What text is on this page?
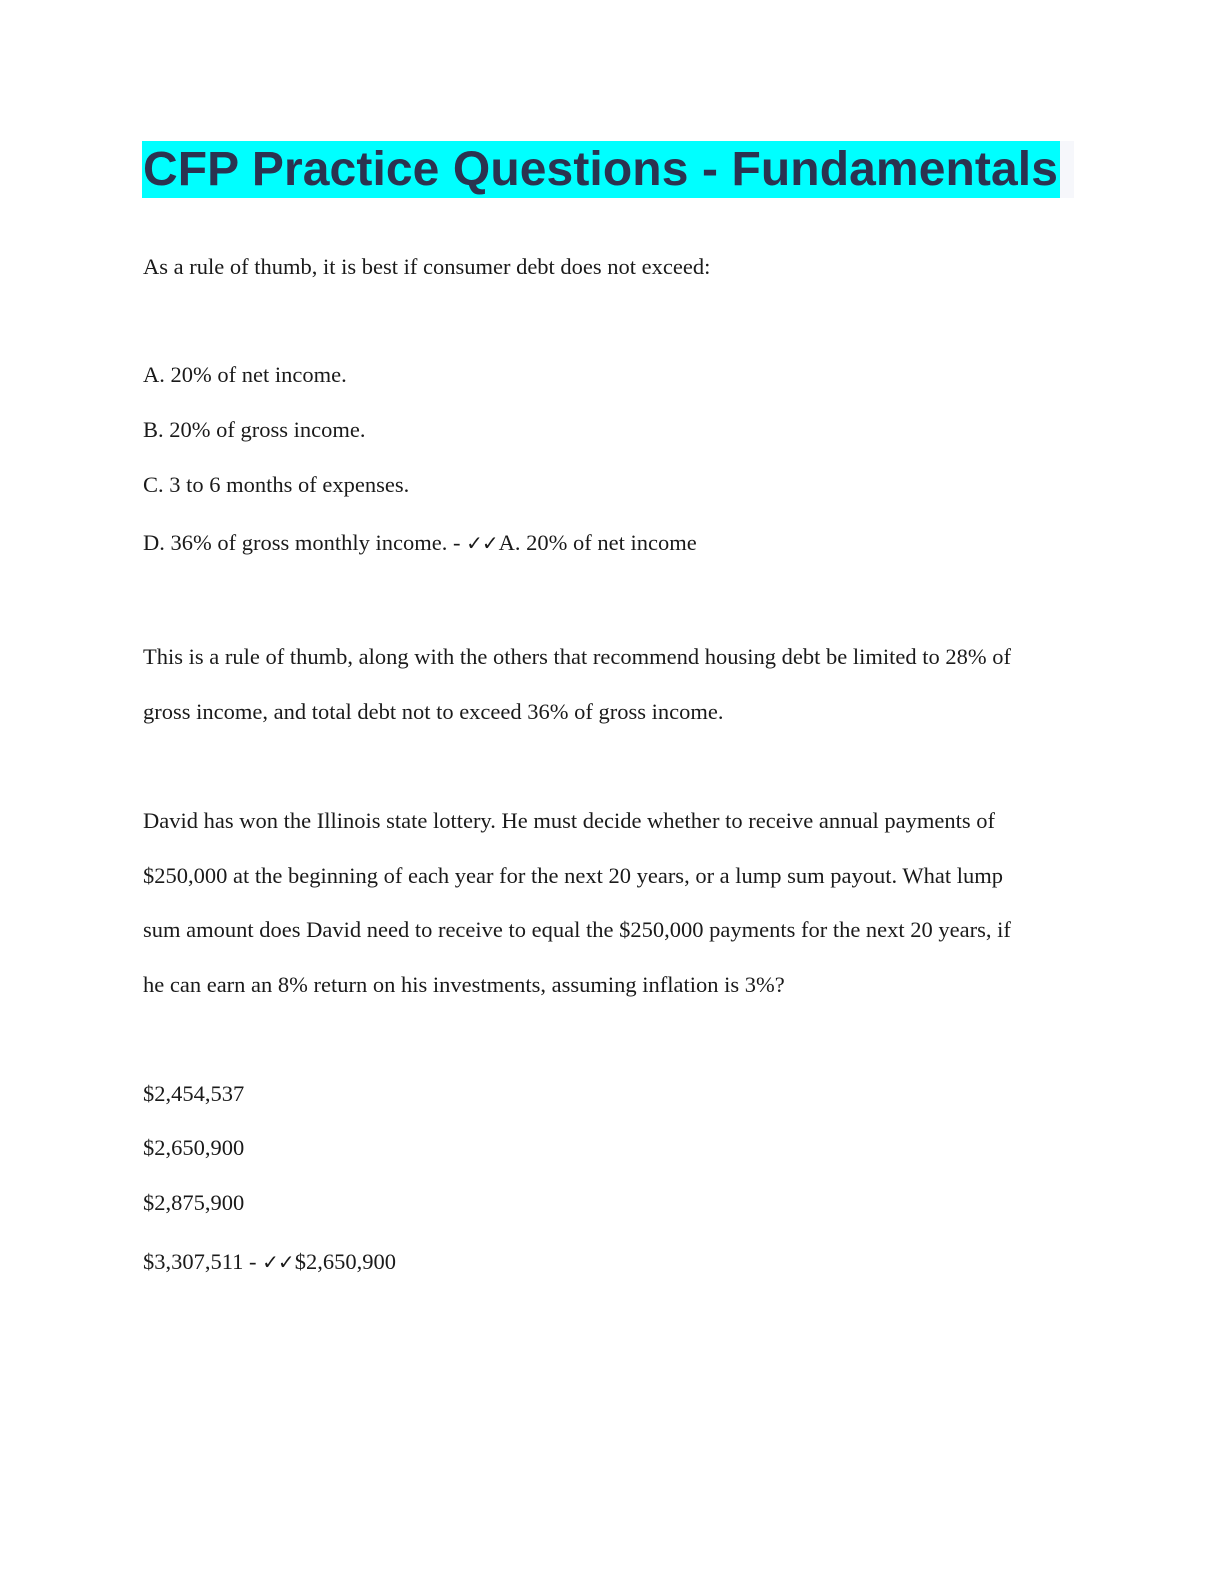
CFP Practice Questions - Fundamentals
As a rule of thumb, it is best if consumer debt does not exceed:
A. 20% of net income.
B. 20% of gross income.
C. 3 to 6 months of expenses.
D. 36% of gross monthly income. - ✓✓A. 20% of net income
This is a rule of thumb, along with the others that recommend housing debt be limited to 28% of
gross income, and total debt not to exceed 36% of gross income.
David has won the Illinois state lottery. He must decide whether to receive annual payments of
$250,000 at the beginning of each year for the next 20 years, or a lump sum payout. What lump
sum amount does David need to receive to equal the $250,000 payments for the next 20 years, if
he can earn an 8% return on his investments, assuming inflation is 3%?
$2,454,537
$2,650,900
$2,875,900
$3,307,511 - ✓✓$2,650,900
